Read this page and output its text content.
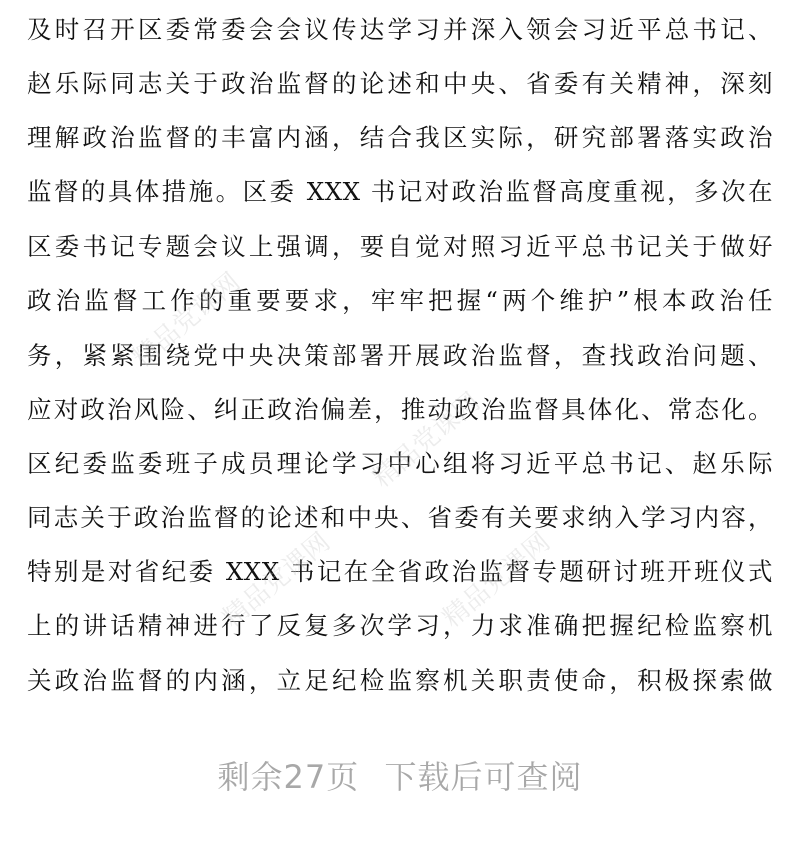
及时召开区委常委会会议传达学习并深入领会习近平总书记、
赵乐际同志关于政治监督的论述和中央、省委有关精神，深刻
理解政治监督的丰富内涵，结合我区实际，研究部署落实政治
监督的具体措施。区委 XXX 书记对政治监督高度重视，多次在
区委书记专题会议上强调，要自觉对照习近平总书记关于做好
政治监督工作的重要要求，牢牢把握“两个维护”根本政治任
务，紧紧围绕党中央决策部署开展政治监督，查找政治问题、
应对政治风险、纠正政治偏差，推动政治监督具体化、常态化。
区纪委监委班子成员理论学习中心组将习近平总书记、赵乐际
同志关于政治监督的论述和中央、省委有关要求纳入学习内容，
特别是对省纪委 XXX 书记在全省政治监督专题研讨班开班仪式
上的讲话精神进行了反复多次学习，力求准确把握纪检监察机
关政治监督的内涵，立足纪检监察机关职责使命，积极探索做
精品党课网
精品党课网
精品党课网
精品党课网
剩余27页 下载后可查阅
